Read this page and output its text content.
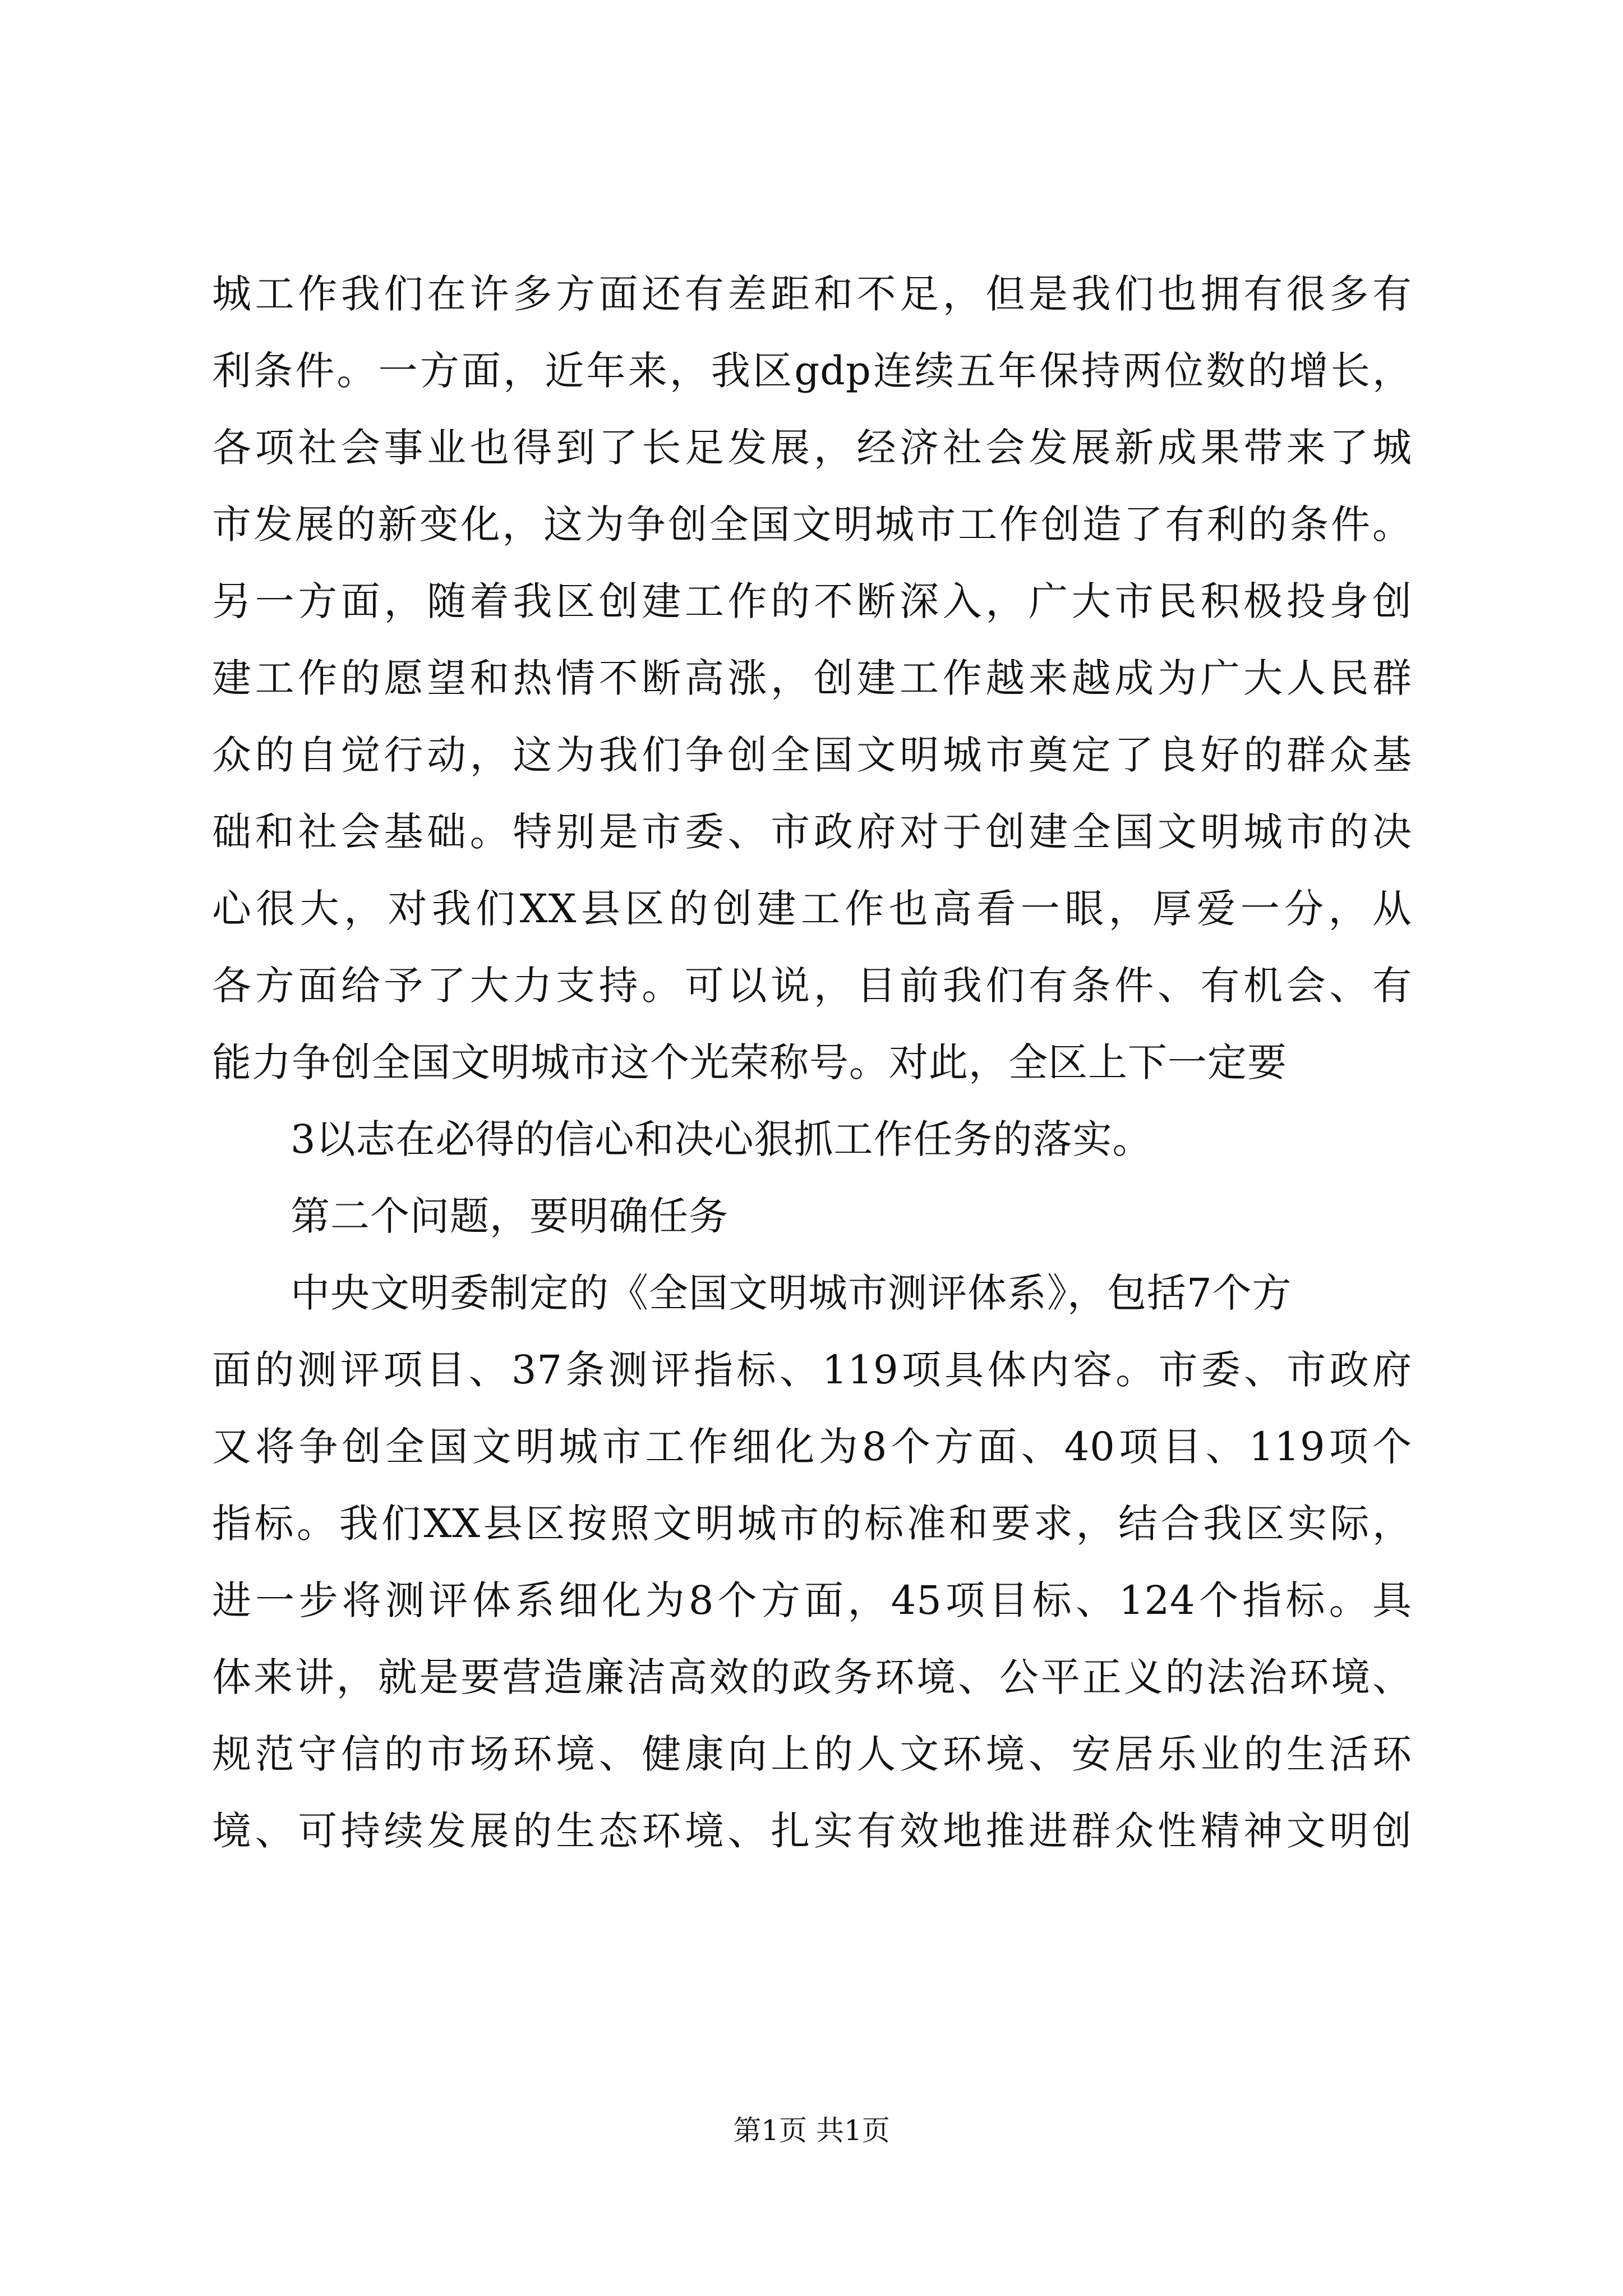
城工作我们在许多方面还有差距和不足，但是我们也拥有很多有
利条件。一方面，近年来，我区gdp连续五年保持两位数的增长，
各项社会事业也得到了长足发展，经济社会发展新成果带来了城
市发展的新变化，这为争创全国文明城市工作创造了有利的条件。
另一方面，随着我区创建工作的不断深入，广大市民积极投身创
建工作的愿望和热情不断高涨，创建工作越来越成为广大人民群
众的自觉行动，这为我们争创全国文明城市奠定了良好的群众基
础和社会基础。特别是市委、市政府对于创建全国文明城市的决
心很大，对我们XX县区的创建工作也高看一眼，厚爱一分，从
各方面给予了大力支持。可以说，目前我们有条件、有机会、有
能力争创全国文明城市这个光荣称号。对此，全区上下一定要
3以志在必得的信心和决心狠抓工作任务的落实。
第二个问题，要明确任务
中央文明委制定的《全国文明城市测评体系》，包括7个方
面的测评项目、37条测评指标、119项具体内容。市委、市政府
又将争创全国文明城市工作细化为8个方面、40项目、119项个
指标。我们XX县区按照文明城市的标准和要求，结合我区实际，
进一步将测评体系细化为8个方面，45项目标、124个指标。具
体来讲，就是要营造廉洁高效的政务环境、公平正义的法治环境、
规范守信的市场环境、健康向上的人文环境、安居乐业的生活环
境、可持续发展的生态环境、扎实有效地推进群众性精神文明创
第1页 共1页
